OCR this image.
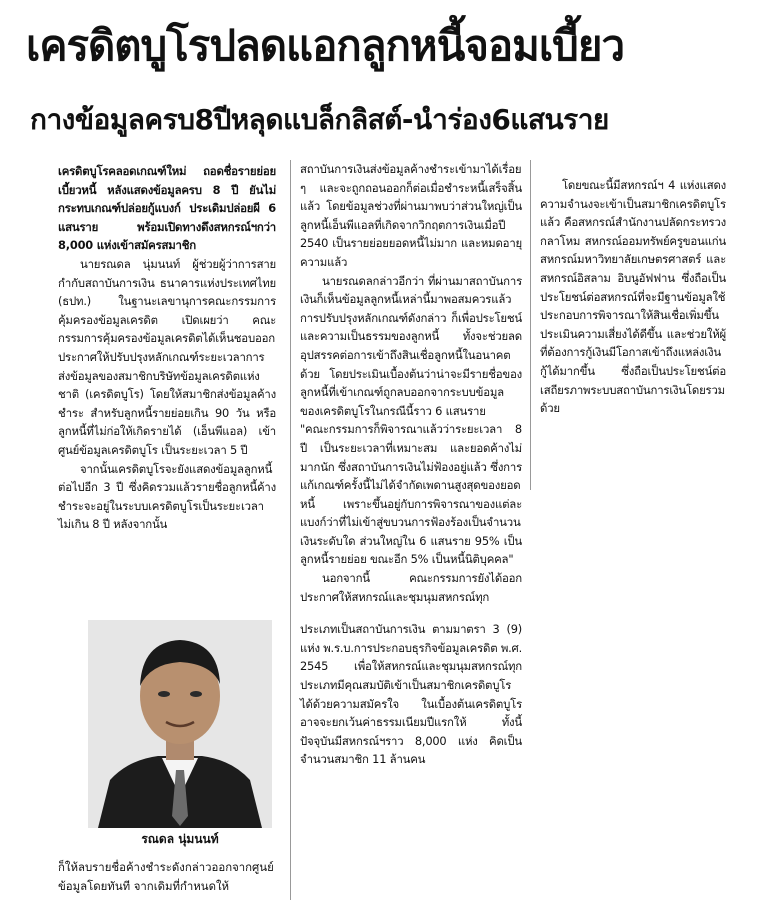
เครดิตบูโรปลดแอกลูกหนี้จอมเบี้ยว
กางข้อมูลครบ8ปีหลุดแบล็กลิสต์-นำร่อง6แสนราย

เครดิตบูโรคลอดเกณฑ์ใหม่ ถอดชื่อรายย่อยเบี้ยวหนี้ หลังแสดงข้อมูลครบ 8 ปี ยันไม่กระทบเกณฑ์ปล่อยกู้แบงก์ ประเดิมปล่อยผี 6 แสนราย พร้อมเปิดทางดึงสหกรณ์ฯกว่า 8,000 แห่งเข้าสมัครสมาชิก

นายรณดล นุ่มนนท์ ผู้ช่วยผู้ว่าการสายกำกับสถาบันการเงิน ธนาคารแห่งประเทศไทย (ธปท.) ในฐานะเลขานุการคณะกรรมการคุ้มครองข้อมูลเครดิต เปิดเผยว่า คณะกรรมการคุ้มครองข้อมูลเครดิตได้เห็นชอบออกประกาศให้ปรับปรุงหลักเกณฑ์ระยะเวลาการส่งข้อมูลของสมาชิกบริษัทข้อมูลเครดิตแห่งชาติ (เครดิตบูโร) โดยให้สมาชิกส่งข้อมูลค้างชำระ สำหรับลูกหนี้รายย่อยเกิน 90 วัน หรือลูกหนี้ที่ไม่ก่อให้เกิดรายได้ (เอ็นพีแอล) เข้าศูนย์ข้อมูลเครดิตบูโร เป็นระยะเวลา 5 ปี

จากนั้นเครดิตบูโรจะยังแสดงข้อมูลลูกหนี้ต่อไปอีก 3 ปี ซึ่งคิดรวมแล้วรายชื่อลูกหนี้ค้างชำระจะอยู่ในระบบเครดิตบูโรเป็นระยะเวลาไม่เกิน 8 ปี หลังจากนั้น

รณดล นุ่มนนท์
ก็ให้ลบรายชื่อค้างชำระดังกล่าวออกจากศูนย์ข้อมูลโดยทันที จากเดิมที่กำหนดให้

สถาบันการเงินส่งข้อมูลค้างชำระเข้ามาได้เรื่อย ๆ และจะถูกถอนออกก็ต่อเมื่อชำระหนี้เสร็จสิ้นแล้ว โดยข้อมูลช่วงที่ผ่านมาพบว่าส่วนใหญ่เป็นลูกหนี้เอ็นพีแอลที่เกิดจากวิกฤตการเงินเมื่อปี 2540 เป็นรายย่อยยอดหนี้ไม่มาก และหมดอายุความแล้ว

นายรณดลกล่าวอีกว่า ที่ผ่านมาสถาบันการเงินก็เห็นข้อมูลลูกหนี้เหล่านี้มาพอสมควรแล้ว การปรับปรุงหลักเกณฑ์ดังกล่าว ก็เพื่อประโยชน์และความเป็นธรรมของลูกหนี้ ทั้งจะช่วยลดอุปสรรคต่อการเข้าถึงสินเชื่อลูกหนี้ในอนาคตด้วย โดยประเมินเบื้องต้นว่าน่าจะมีรายชื่อของลูกหนี้ที่เข้าเกณฑ์ถูกลบออกจากระบบข้อมูลของเครดิตบูโรในกรณีนี้ราว 6 แสนราย

"คณะกรรมการก็พิจารณาแล้วว่าระยะเวลา 8 ปี เป็นระยะเวลาที่เหมาะสม และยอดค้างไม่มากนัก ซึ่งสถาบันการเงินไม่ฟ้องอยู่แล้ว ซึ่งการแก้เกณฑ์ครั้งนี้ไม่ได้จำกัดเพดานสูงสุดของยอดหนี้ เพราะขึ้นอยู่กับการพิจารณาของแต่ละแบงก์ว่าที่ไม่เข้าสู่ขบวนการฟ้องร้องเป็นจำนวนเงินระดับใด ส่วนใหญ่ใน 6 แสนราย 95% เป็นลูกหนี้รายย่อย ขณะอีก 5% เป็นหนี้นิติบุคคล"

นอกจากนี้ คณะกรรมการยังได้ออกประกาศให้สหกรณ์และชุมนุมสหกรณ์ทุก

ประเภทเป็นสถาบันการเงิน ตามมาตรา 3 (9) แห่ง พ.ร.บ.การประกอบธุรกิจข้อมูลเครดิต พ.ศ. 2545 เพื่อให้สหกรณ์และชุมนุมสหกรณ์ทุกประเภทมีคุณสมบัติเข้าเป็นสมาชิกเครดิตบูโรได้ด้วยความสมัครใจ ในเบื้องต้นเครดิตบูโรอาจจะยกเว้นค่าธรรมเนียมปีแรกให้ ทั้งนี้ ปัจจุบันมีสหกรณ์ฯราว 8,000 แห่ง คิดเป็นจำนวนสมาชิก 11 ล้านคน

โดยขณะนี้มีสหกรณ์ฯ 4 แห่งแสดงความจำนงจะเข้าเป็นสมาชิกเครดิตบูโรแล้ว คือสหกรณ์สำนักงานปลัดกระทรวงกลาโหม สหกรณ์ออมทรัพย์ครูขอนแก่น สหกรณ์มหาวิทยาลัยเกษตรศาสตร์ และสหกรณ์อิสลาม อิบนูอัฟฟาน ซึ่งถือเป็นประโยชน์ต่อสหกรณ์ที่จะมีฐานข้อมูลใช้ประกอบการพิจารณาให้สินเชื่อเพิ่มขึ้น ประเมินความเสี่ยงได้ดีขึ้น และช่วยให้ผู้ที่ต้องการกู้เงินมีโอกาสเข้าถึงแหล่งเงินกู้ได้มากขึ้น ซึ่งถือเป็นประโยชน์ต่อเสถียรภาพระบบสถาบันการเงินโดยรวมด้วย
